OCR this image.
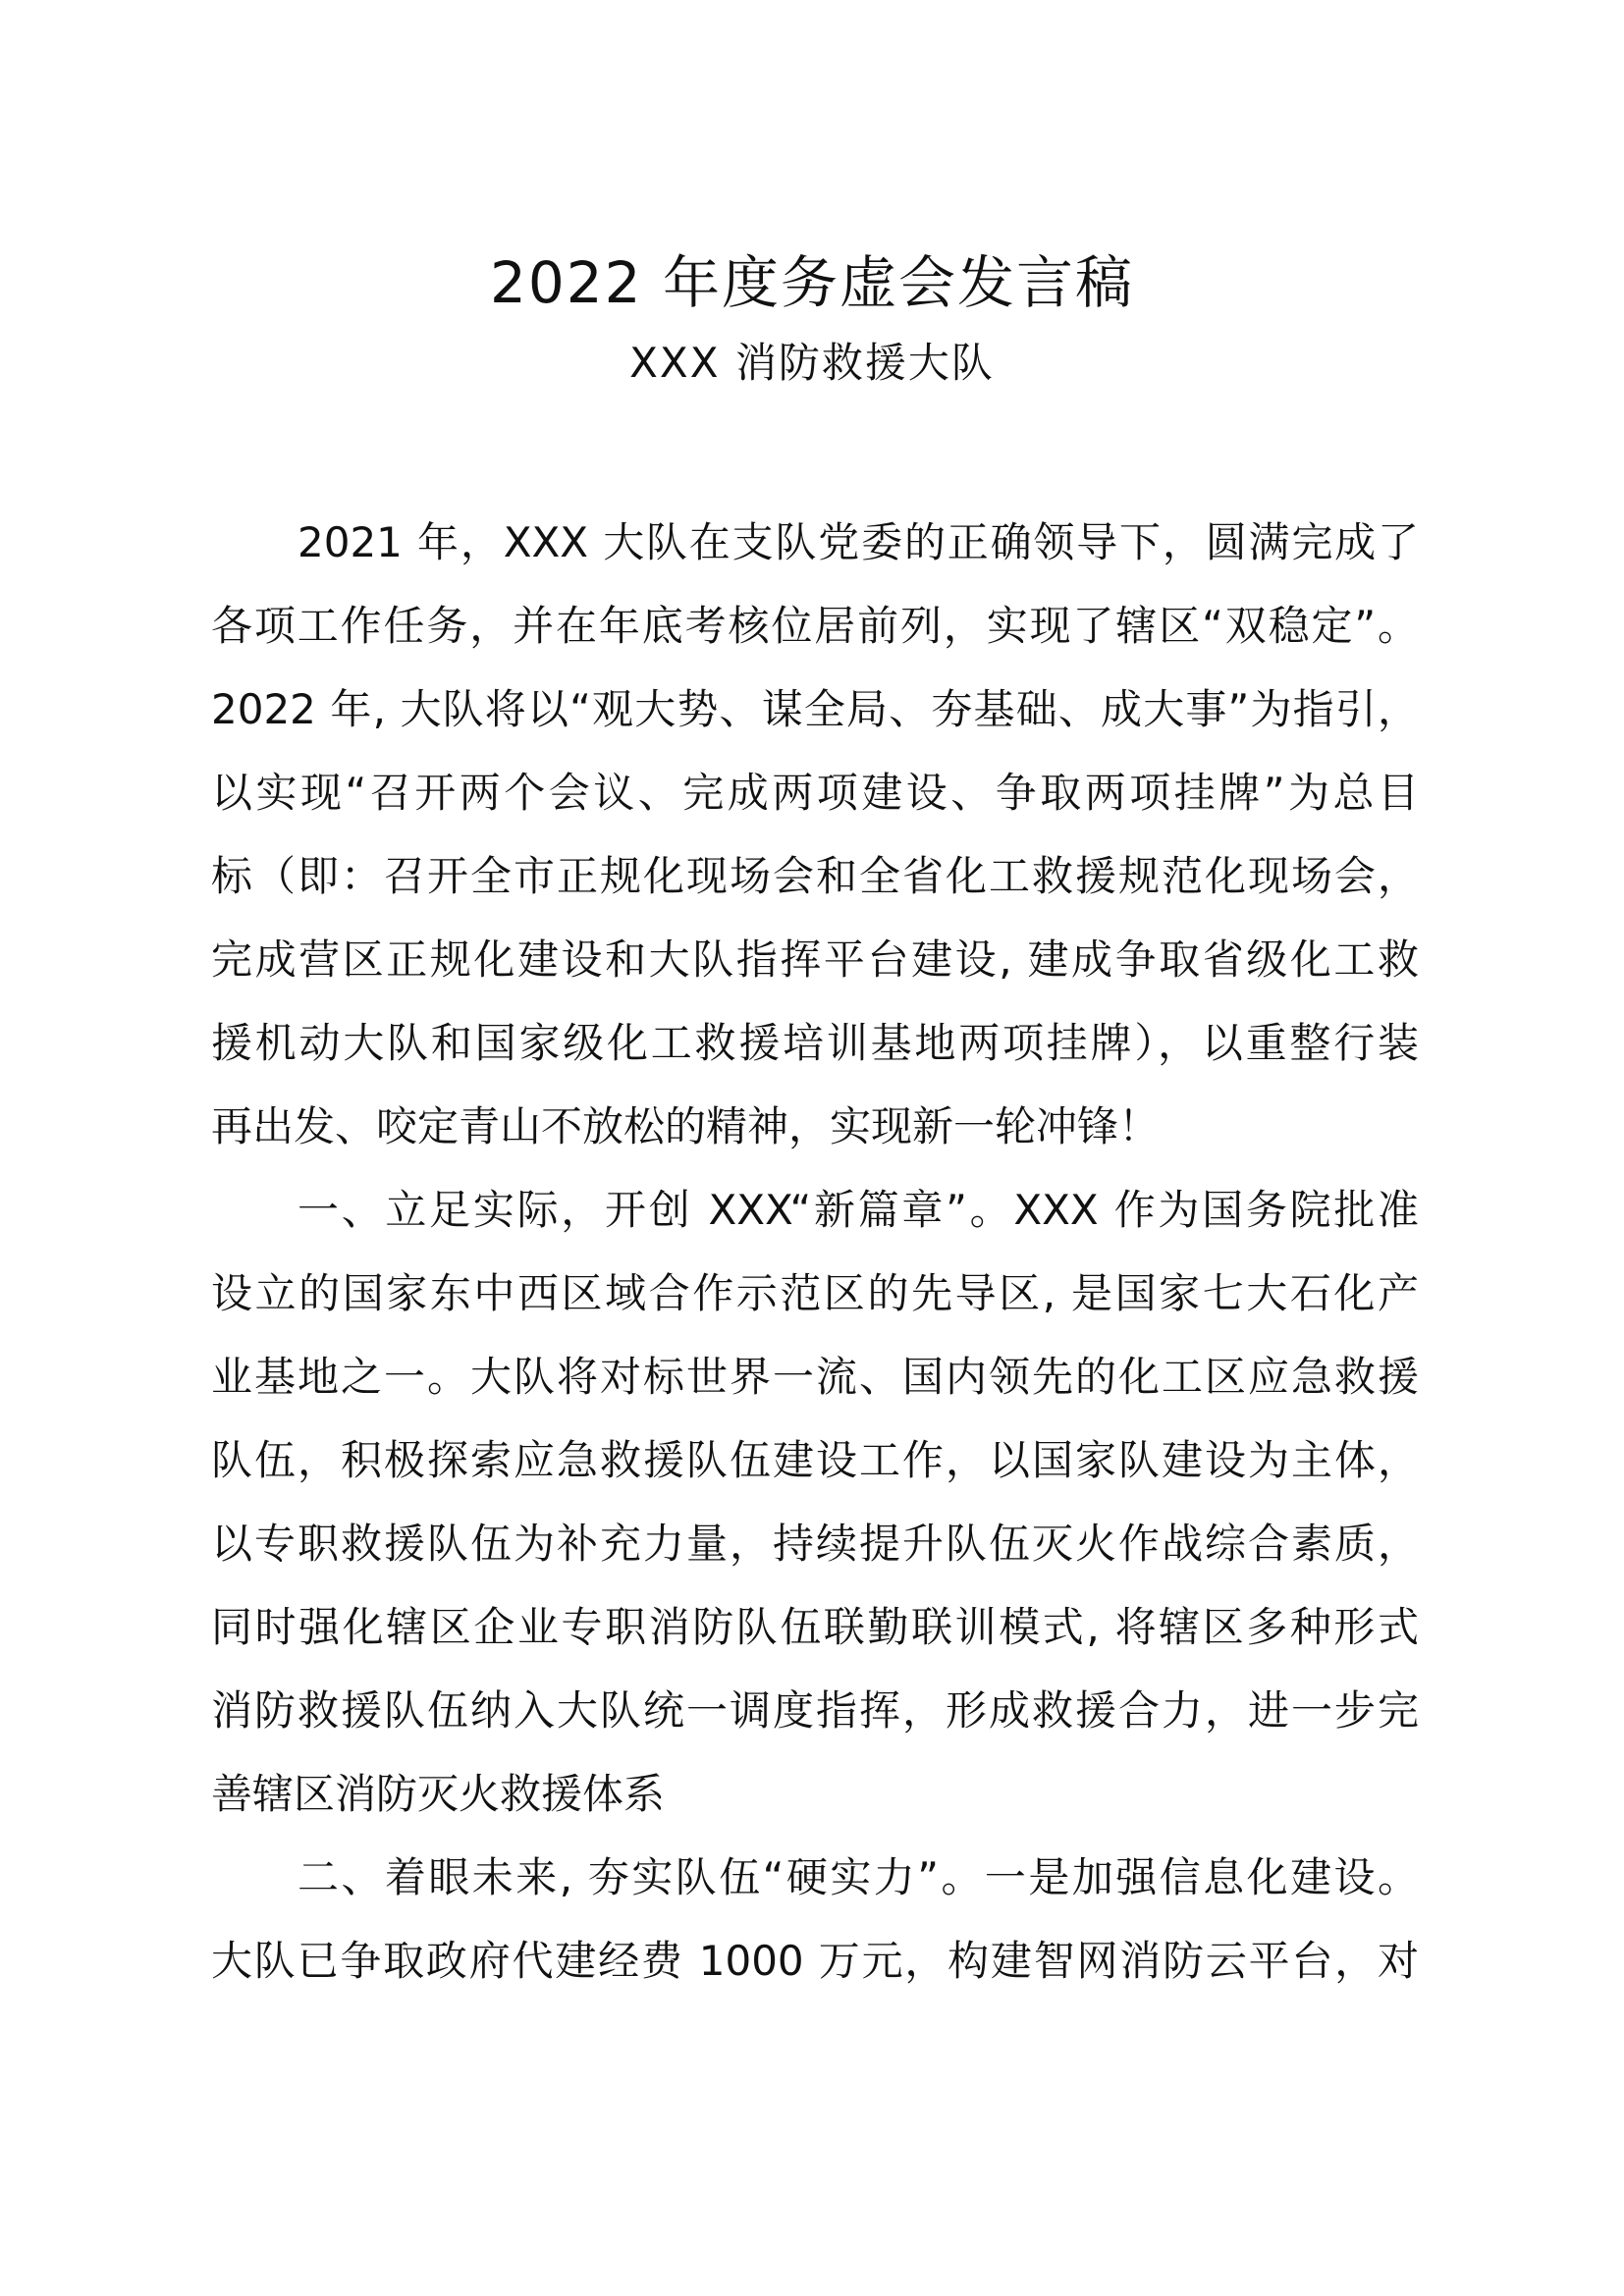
2022 年度务虚会发言稿
XXX 消防救援大队
2021 年，XXX 大队在支队党委的正确领导下，圆满完成了
各项工作任务，并在年底考核位居前列，实现了辖区“双稳定”。
2022 年, 大队将以“观大势、谋全局、夯基础、成大事”为指引，
以实现“召开两个会议、完成两项建设、争取两项挂牌”为总目
标（即：召开全市正规化现场会和全省化工救援规范化现场会，
完成营区正规化建设和大队指挥平台建设, 建成争取省级化工救
援机动大队和国家级化工救援培训基地两项挂牌），以重整行装
再出发、咬定青山不放松的精神，实现新一轮冲锋！
一、立足实际，开创 XXX“新篇章”。XXX 作为国务院批准
设立的国家东中西区域合作示范区的先导区, 是国家七大石化产
业基地之一。大队将对标世界一流、国内领先的化工区应急救援
队伍，积极探索应急救援队伍建设工作，以国家队建设为主体，
以专职救援队伍为补充力量，持续提升队伍灭火作战综合素质，
同时强化辖区企业专职消防队伍联勤联训模式, 将辖区多种形式
消防救援队伍纳入大队统一调度指挥，形成救援合力，进一步完
善辖区消防灭火救援体系
二、着眼未来, 夯实队伍“硬实力”。一是加强信息化建设。
大队已争取政府代建经费 1000 万元，构建智网消防云平台，对
